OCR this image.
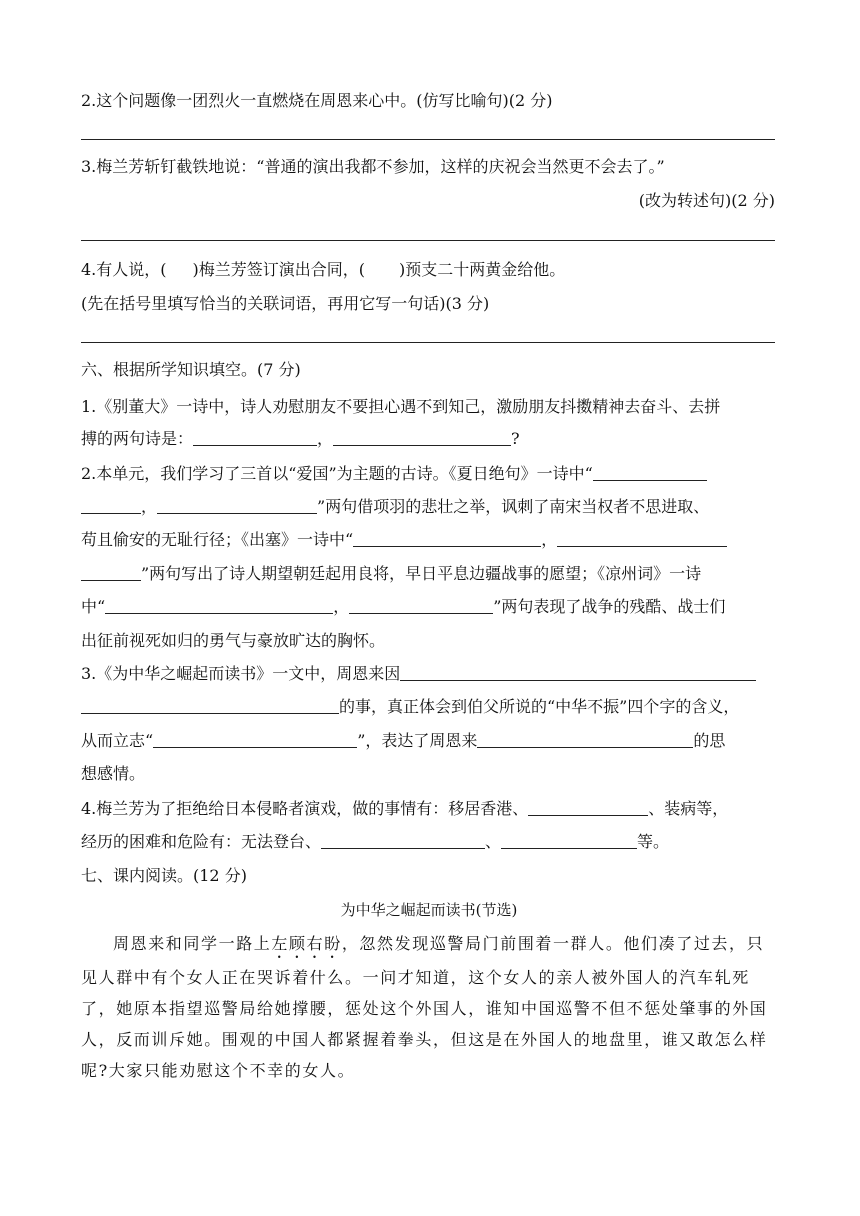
2.这个问题像一团烈火一直燃烧在周恩来心中。(仿写比喻句)(2 分)
3.梅兰芳斩钉截铁地说：“普通的演出我都不参加，这样的庆祝会当然更不会去了。”
(改为转述句)(2 分)
4.有人说，( )梅兰芳签订演出合同，( )预支二十两黄金给他。
(先在括号里填写恰当的关联词语，再用它写一句话)(3 分)
六、根据所学知识填空。(7 分)
1.《别董大》一诗中，诗人劝慰朋友不要担心遇不到知己，激励朋友抖擞精神去奋斗、去拼
搏的两句诗是：	，	?
2.本单元，我们学习了三首以“爱国”为主题的古诗。《夏日绝句》一诗中“
，	”两句借项羽的悲壮之举，讽刺了南宋当权者不思进取、
苟且偷安的无耻行径；《出塞》一诗中“	，
”两句写出了诗人期望朝廷起用良将，早日平息边疆战事的愿望；《凉州词》一诗
中“	，	”两句表现了战争的残酷、战士们
出征前视死如归的勇气与豪放旷达的胸怀。
3.《为中华之崛起而读书》一文中，周恩来因
的事，真正体会到伯父所说的“中华不振”四个字的含义，
从而立志“	”，表达了周恩来	的思
想感情。
4.梅兰芳为了拒绝给日本侵略者演戏，做的事情有：移居香港、	、装病等，
经历的困难和危险有：无法登台、	、	等。
七、课内阅读。(12 分)
为中华之崛起而读书(节选)
周恩来和同学一路上左顾右盼，忽然发现巡警局门前围着一群人。他们凑了过去，只见人群中有个女人正在哭诉着什么。一问才知道，这个女人的亲人被外国人的汽车轧死了，她原本指望巡警局给她撑腰，惩处这个外国人，谁知中国巡警不但不惩处肇事的外国人，反而训斥她。围观的中国人都紧握着拳头，但这是在外国人的地盘里，谁又敢怎么样呢?大家只能劝慰这个不幸的女人。
